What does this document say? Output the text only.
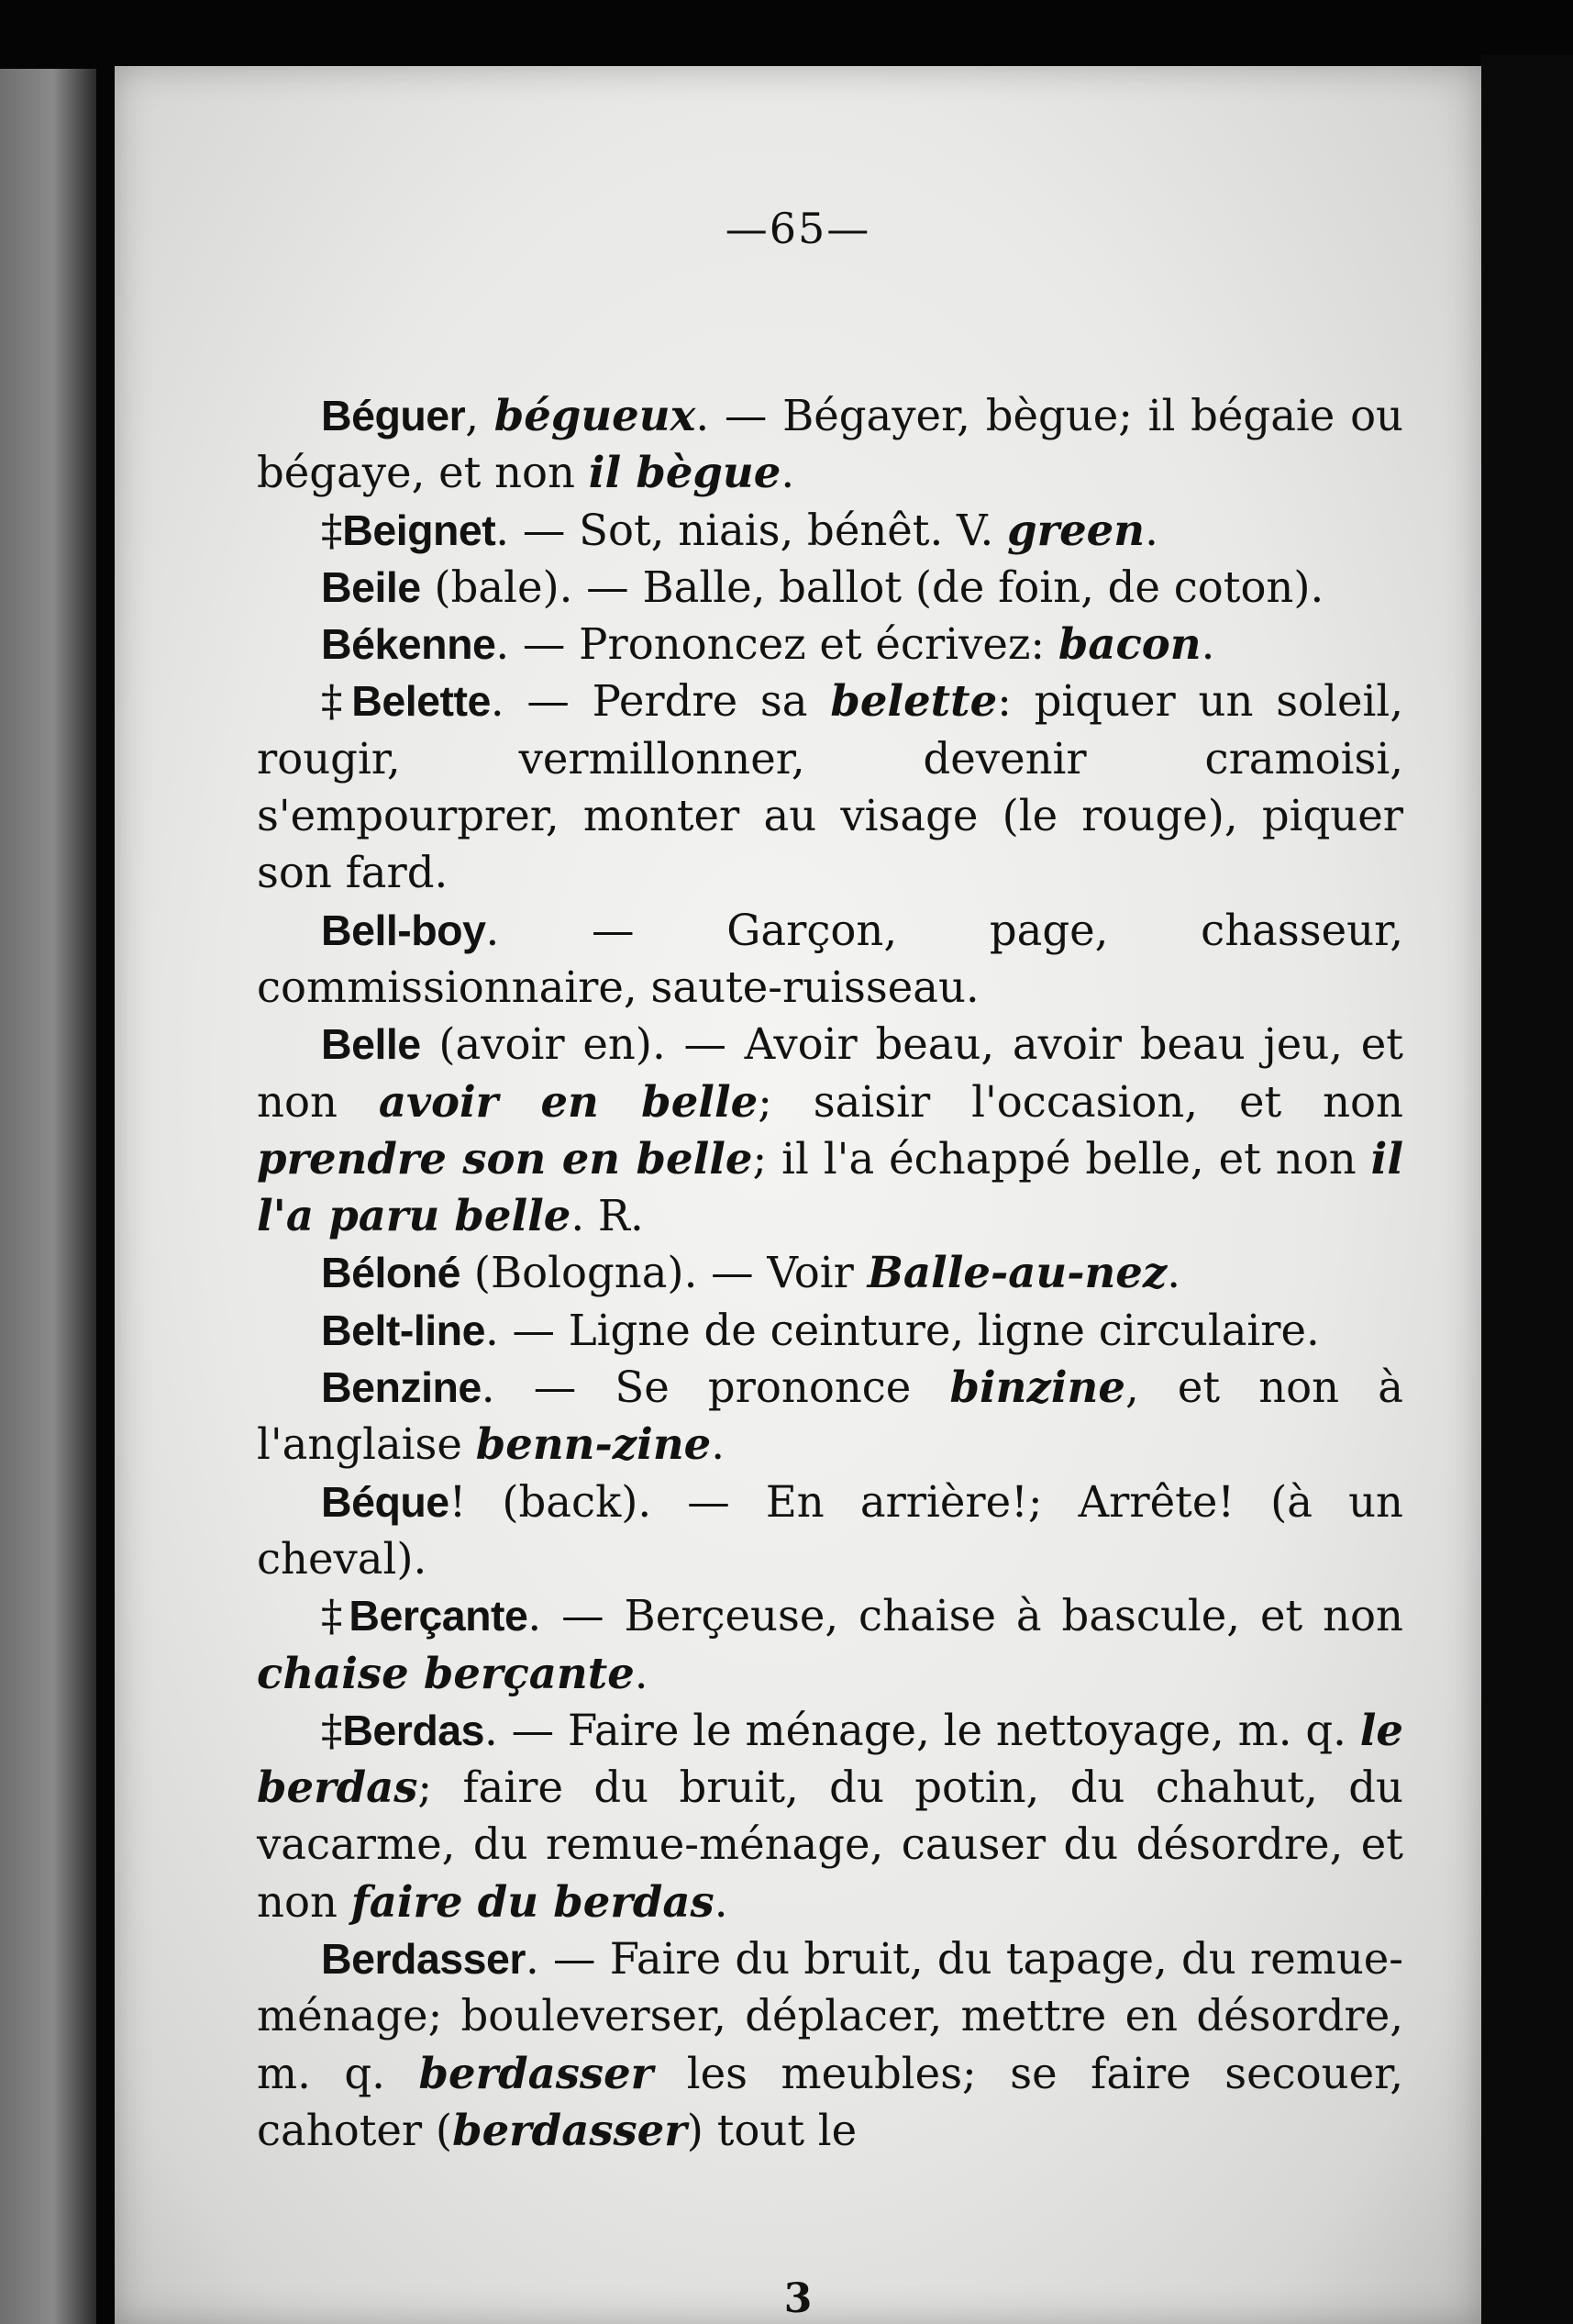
—65—

Béguer, bégueux. — Bégayer, bègue; il bégaie ou bégaye, et non il bègue.

‡Beignet. — Sot, niais, bénêt. V. green.

Beile (bale). — Balle, ballot (de foin, de coton).

Békenne. — Prononcez et écrivez: bacon.

‡Belette. — Perdre sa belette: piquer un soleil, rougir, vermillonner, devenir cramoisi, s'empourprer, monter au visage (le rouge), piquer son fard.

Bell-boy. — Garçon, page, chasseur, commissionnaire, saute-ruisseau.

Belle (avoir en). — Avoir beau, avoir beau jeu, et non avoir en belle; saisir l'occasion, et non prendre son en belle; il l'a échappé belle, et non il l'a paru belle. R.

Béloné (Bologna). — Voir Balle-au-nez.

Belt-line. — Ligne de ceinture, ligne circulaire.

Benzine. — Se prononce binzine, et non à l'anglaise benn-zine.

Béque! (back). — En arrière!; Arrête! (à un cheval).

‡Berçante. — Berçeuse, chaise à bascule, et non chaise berçante.

‡Berdas. — Faire le ménage, le nettoyage, m. q. le berdas; faire du bruit, du potin, du chahut, du vacarme, du remue-ménage, causer du désordre, et non faire du berdas.

Berdasser. — Faire du bruit, du tapage, du remue-ménage; bouleverser, déplacer, mettre en désordre, m. q. berdasser les meubles; se faire secouer, cahoter (berdasser) tout le

3
